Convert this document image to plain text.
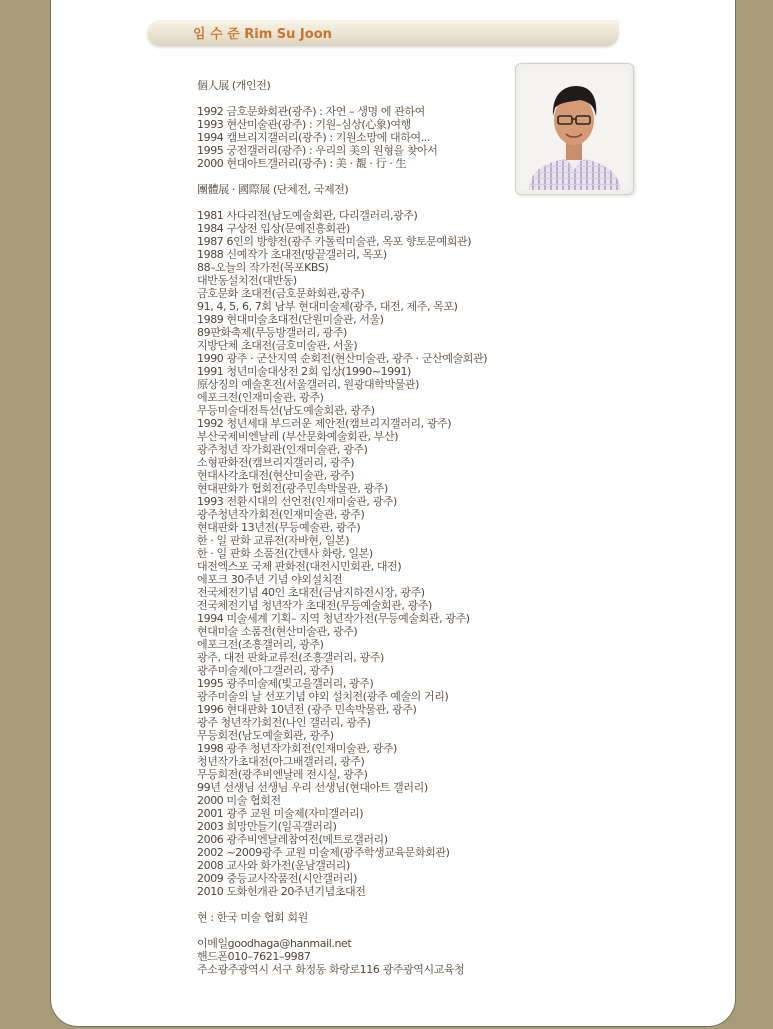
임 수 준 Rim Su Joon
個人展 (개인전)
1992 금호문화회관(광주) : 자연 – 생명 에 관하여
1993 현산미술관(광주) : 기원–심상(心象)여행
1994 캠브리지갤러리(광주) : 기원소망에 대하여...
1995 궁전갤러리(광주) : 우리의 美의 원형을 찾아서
2000 현대아트갤러리(광주) : 美 · 覩 · 行 · 生
團體展 · 國際展 (단체전, 국제전)
1981 사다리전(남도예술회관, 다리갤러리,광주)
1984 구상전 입상(문예진흥회관)
1987 6인의 방향전(광주 카톨릭미술관, 목포 향토문예회관)
1988 신예작가 초대전(땅끝갤러리, 목포)
88–오늘의 작가전(목포KBS)
대반동설치전(대반동)
금호문화 초대전(금호문화회관,광주)
91, 4, 5, 6, 7회 남부 현대미술제(광주, 대전, 제주, 목포)
1989 현대미술초대전(단원미술관, 서울)
89판화축제(무등방갤러리, 광주)
지방단체 초대전(금호미술관, 서울)
1990 광주 · 군산지역 순회전(현산미술관, 광주 · 군산예술회관)
1991 청년미술대상전 2회 입상(1990~1991)
原상징의 예술혼전(서울갤러리, 원광대학박물관)
에포크전(인재미술관, 광주)
무등미술대전특선(남도예술회관, 광주)
1992 청년세대 부드러운 제안전(캠브리지갤러리, 광주)
부산국제비엔날레 (부산문화예술회관, 부산)
광주청년 작가회관(인재미술관, 광주)
소형판화전(캠브리지갤러리, 광주)
현대사각초대전(현산미술관, 광주)
현대판화가 협회전(광주민속박물관, 광주)
1993 전환시대의 선언전(인재미술관, 광주)
광주청년작가회전(인재미술관, 광주)
현대판화 13년전(무등예술관, 광주)
한 · 일 판화 교류전(자바현, 일본)
한 · 일 판화 소품전(간텐사 화랑, 일본)
대전엑스포 국제 판화전(대전시민회관, 대전)
에포크 30주년 기념 야외설치전
전국체전기념 40인 초대전(금남지하전시장, 광주)
전국체전기념 청년작가 초대전(무등예술회관, 광주)
1994 미술세계 기획– 지역 청년작가전(무등예술회관, 광주)
현대미술 소품전(현산미술관, 광주)
에포크전(조흥갤러리, 광주)
광주, 대전 판화교류전(조흥갤러리, 광주)
광주미술제(아그갤러리, 광주)
1995 광주미술제(빛고을갤러리, 광주)
광주미술의 날 선포기념 야외 설치전(광주 예술의 거리)
1996 현대판화 10년전 (광주 민속박물관, 광주)
광주 청년작가회전(나인 갤러리, 광주)
무등회전(남도예술회관, 광주)
1998 광주 청년작가회전(인재미술관, 광주)
청년작가초대전(아그배갤러리, 광주)
무등회전(광주비엔날레 전시실, 광주)
99년 선생님 선생님 우리 선생님(현대아트 갤러리)
2000 미술 협회전
2001 광주 교원 미술제(자미갤러리)
2003 희망만들기(일곡갤러리)
2006 광주비엔날레참여전(메트로갤러리)
2002 ~2009광주 교원 미술제(광주학생교육문화회관)
2008 교사와 화가전(운남갤러리)
2009 중등교사작품전(시안갤러리)
2010 도화헌개관 20주년기념초대전
현 : 한국 미술 협회 회원
이메일goodhaga@hanmail.net
핸드폰010–7621–9987
주소광주광역시 서구 화정동 화랑로116 광주광역시교육청
